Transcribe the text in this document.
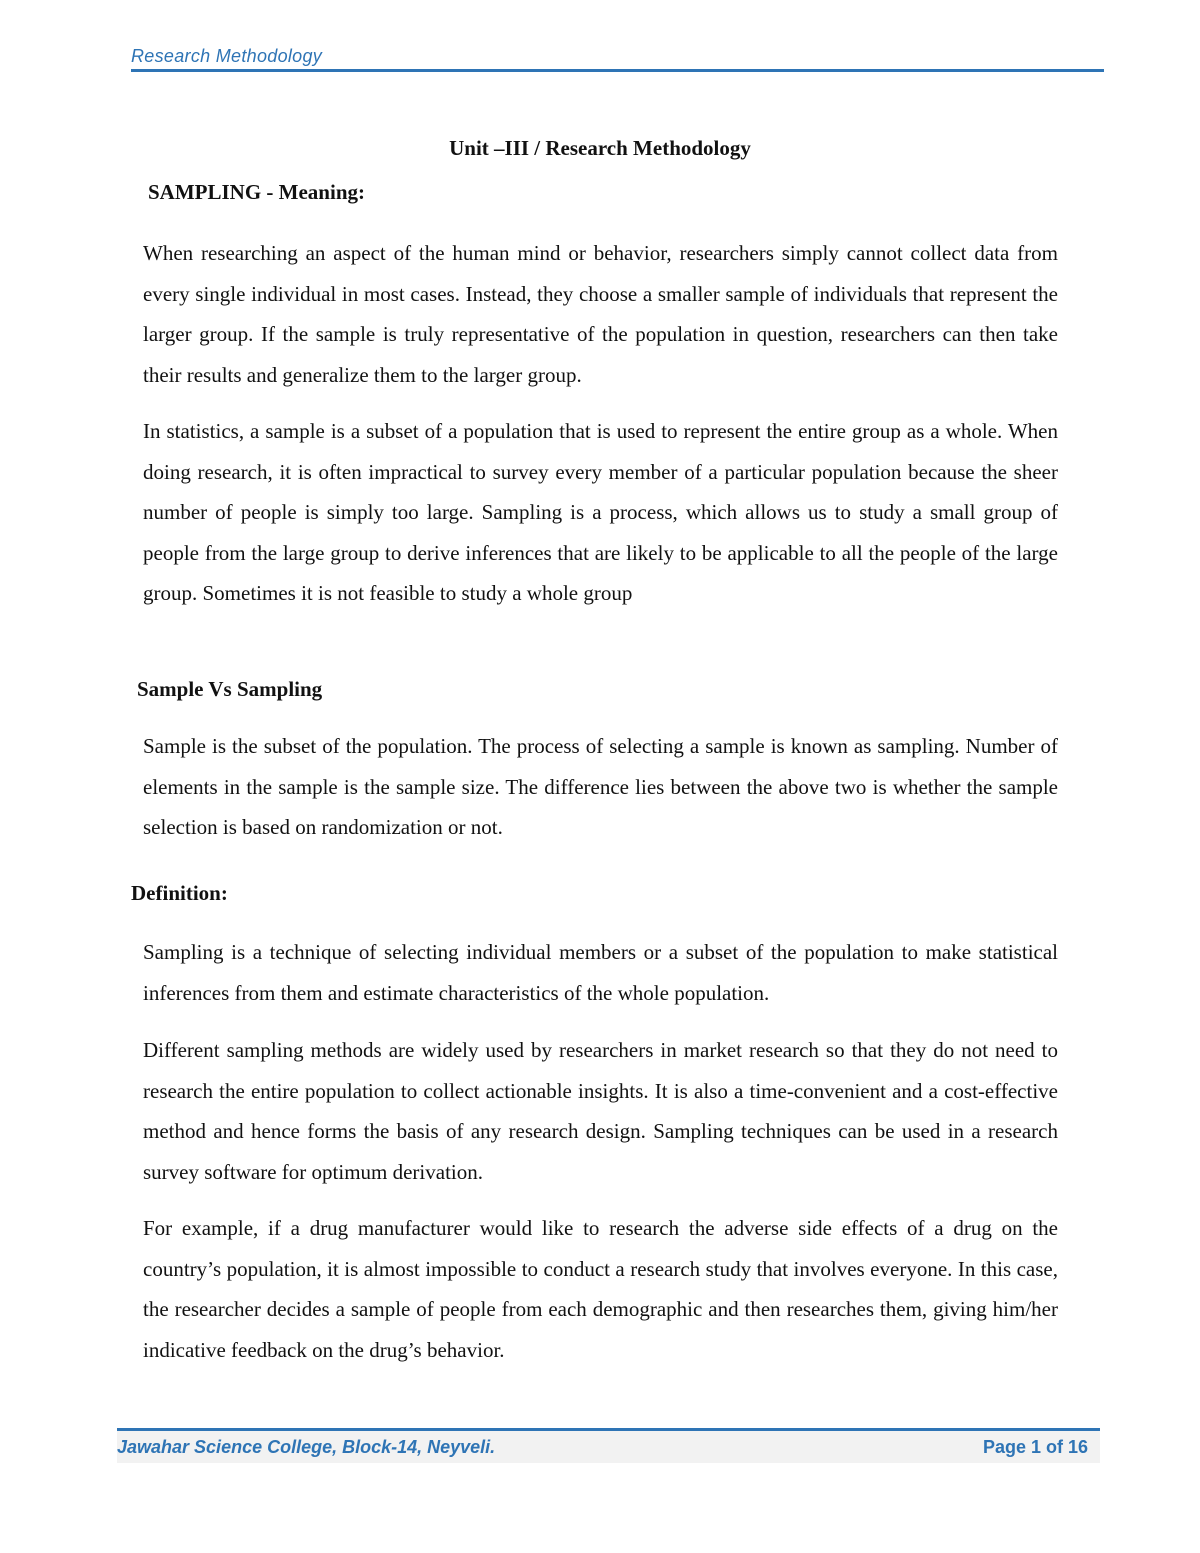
Research Methodology
Unit –III / Research Methodology
SAMPLING - Meaning:

When researching an aspect of the human mind or behavior, researchers simply cannot collect data from every single individual in most cases. Instead, they choose a smaller sample of individuals that represent the larger group. If the sample is truly representative of the population in question, researchers can then take their results and generalize them to the larger group.

In statistics, a sample is a subset of a population that is used to represent the entire group as a whole. When doing research, it is often impractical to survey every member of a particular population because the sheer number of people is simply too large. Sampling is a process, which allows us to study a small group of people from the large group to derive inferences that are likely to be applicable to all the people of the large group. Sometimes it is not feasible to study a whole group

Sample Vs Sampling

Sample is the subset of the population. The process of selecting a sample is known as sampling. Number of elements in the sample is the sample size. The difference lies between the above two is whether the sample selection is based on randomization or not.

Definition:

Sampling is a technique of selecting individual members or a subset of the population to make statistical inferences from them and estimate characteristics of the whole population.

Different sampling methods are widely used by researchers in market research so that they do not need to research the entire population to collect actionable insights. It is also a time-convenient and a cost-effective method and hence forms the basis of any research design. Sampling techniques can be used in a research survey software for optimum derivation.

For example, if a drug manufacturer would like to research the adverse side effects of a drug on the country’s population, it is almost impossible to conduct a research study that involves everyone. In this case, the researcher decides a sample of people from each demographic and then researches them, giving him/her indicative feedback on the drug’s behavior.

Jawahar Science College, Block-14, Neyveli.	Page 1 of 16
